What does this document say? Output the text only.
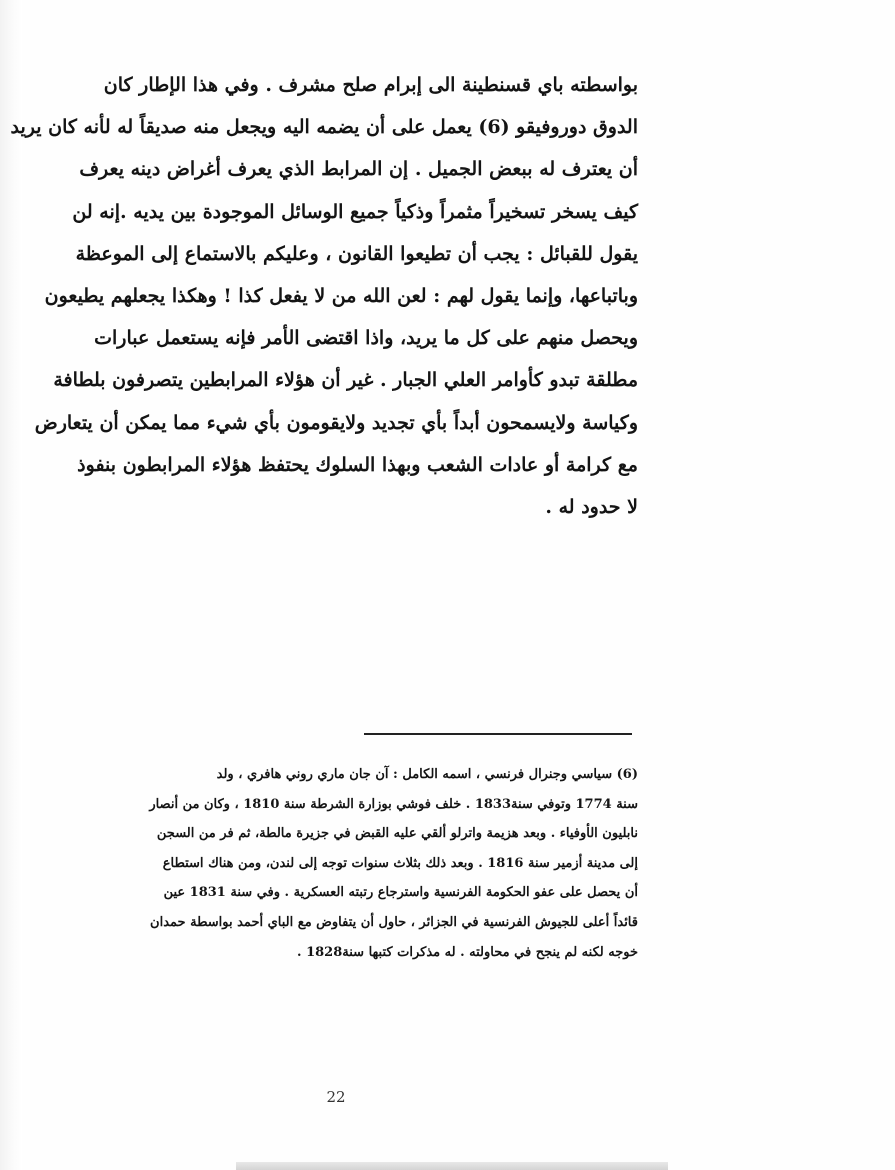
بواسطته باي قسنطينة الى إبرام صلح مشرف . وفي هذا الإطار كان
الدوق دوروفيقو (6) يعمل على أن يضمه اليه ويجعل منه صديقاً له لأنه كان يريد
أن يعترف له ببعض الجميل . إن المرابط الذي يعرف أغراض دينه يعرف
كيف يسخر تسخيراً مثمراً وذكياً جميع الوسائل الموجودة بين يديه .إنه لن
يقول للقبائل : يجب أن تطيعوا القانون ، وعليكم بالاستماع إلى الموعظة
وباتباعها، وإنما يقول لهم : لعن الله من لا يفعل كذا ! وهكذا يجعلهم يطيعون
ويحصل منهم على كل ما يريد، واذا اقتضى الأمر فإنه يستعمل عبارات
مطلقة تبدو كأوامر العلي الجبار . غير أن هؤلاء المرابطين يتصرفون بلطافة
وكياسة ولايسمحون أبداً بأي تجديد ولايقومون بأي شيء مما يمكن أن يتعارض
مع كرامة أو عادات الشعب وبهذا السلوك يحتفظ هؤلاء المرابطون بنفوذ
لا حدود له .
(6) سياسي وجنرال فرنسي ، اسمه الكامل : آن جان ماري روني هافري ، ولد
سنة 1774 وتوفي سنة1833 . خلف فوشي بوزارة الشرطة سنة 1810 ، وكان من أنصار
نابليون الأوفياء . وبعد هزيمة واترلو ألقي عليه القبض في جزيرة مالطة، ثم فر من السجن
إلى مدينة أزمير سنة 1816 . وبعد ذلك بثلاث سنوات توجه إلى لندن، ومن هناك استطاع
أن يحصل على عفو الحكومة الفرنسية واسترجاع رتبته العسكرية . وفي سنة 1831 عين
قائداً أعلى للجيوش الفرنسية في الجزائر ، حاول أن يتفاوض مع الباي أحمد بواسطة حمدان
خوجه لكنه لم ينجح في محاولته . له مذكرات كتبها سنة1828 .
22
